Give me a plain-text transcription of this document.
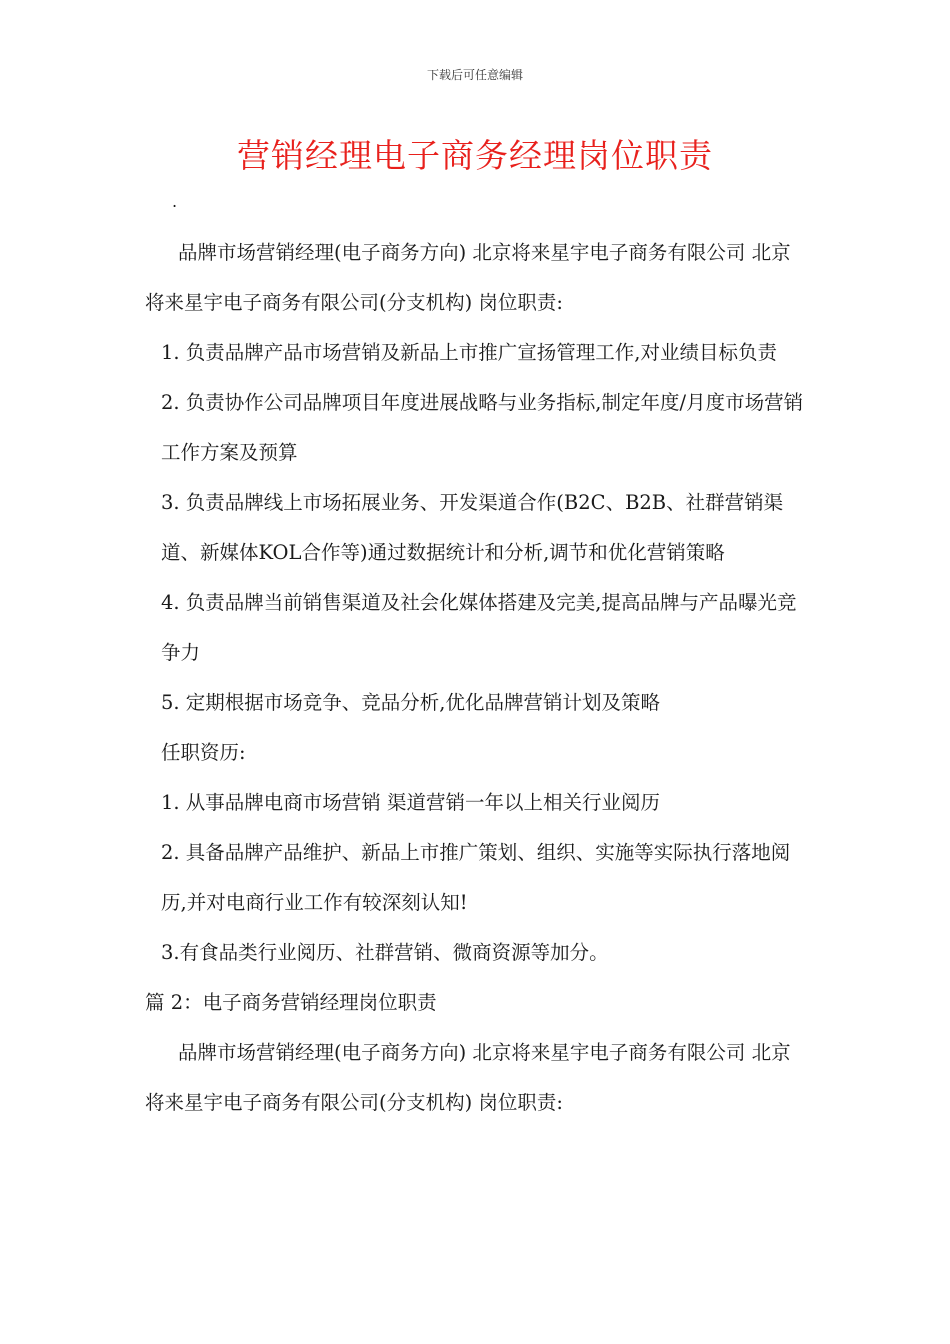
下载后可任意编辑
营销经理电子商务经理岗位职责
.

品牌市场营销经理(电子商务方向) 北京将来星宇电子商务有限公司 北京将来星宇电子商务有限公司(分支机构) 岗位职责:

1. 负责品牌产品市场营销及新品上市推广宣扬管理工作,对业绩目标负责

2. 负责协作公司品牌项目年度进展战略与业务指标,制定年度/月度市场营销工作方案及预算

3. 负责品牌线上市场拓展业务、开发渠道合作(B2C、B2B、社群营销渠道、新媒体KOL合作等)通过数据统计和分析,调节和优化营销策略

4. 负责品牌当前销售渠道及社会化媒体搭建及完美,提高品牌与产品曝光竞争力

5. 定期根据市场竞争、竞品分析,优化品牌营销计划及策略

任职资历:

1. 从事品牌电商市场营销 渠道营销一年以上相关行业阅历

2. 具备品牌产品维护、新品上市推广策划、组织、实施等实际执行落地阅历,并对电商行业工作有较深刻认知!

3.有食品类行业阅历、社群营销、微商资源等加分。

篇 2：电子商务营销经理岗位职责

品牌市场营销经理(电子商务方向) 北京将来星宇电子商务有限公司 北京将来星宇电子商务有限公司(分支机构) 岗位职责:
